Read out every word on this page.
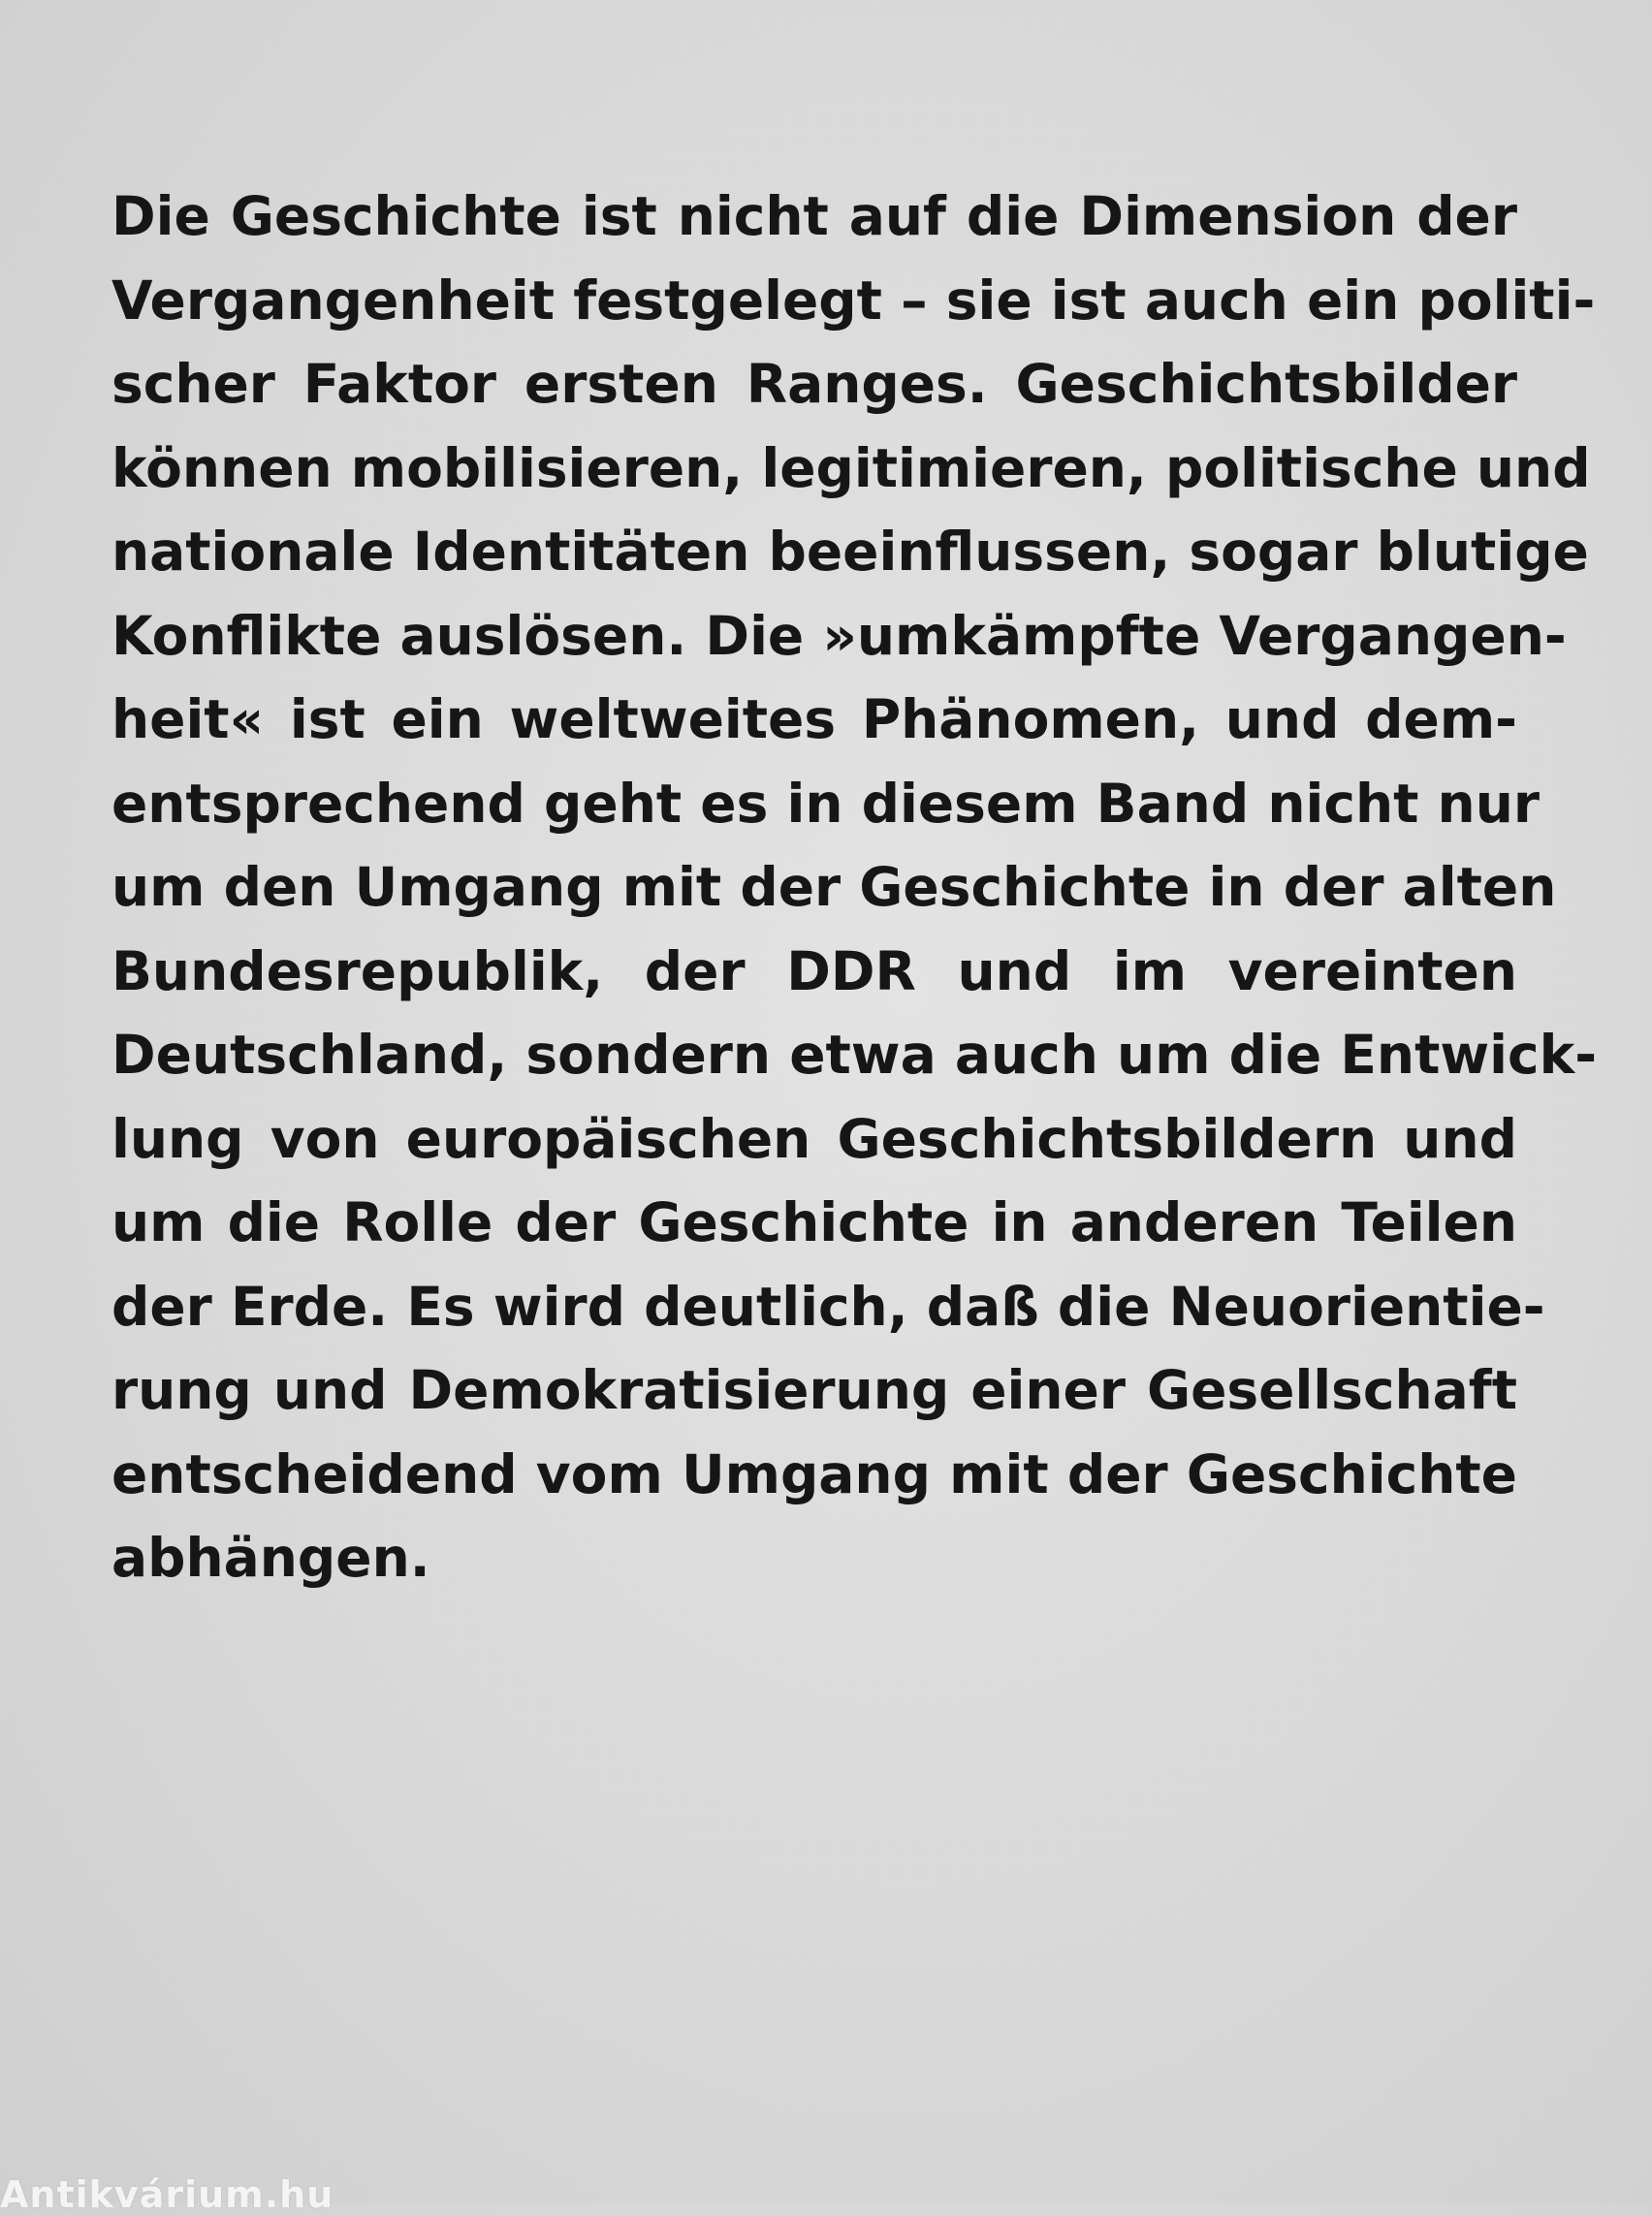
Die Geschichte ist nicht auf die Dimension der
Vergangenheit festgelegt – sie ist auch ein politi-
scher Faktor ersten Ranges. Geschichtsbilder
können mobilisieren, legitimieren, politische und
nationale Identitäten beeinflussen, sogar blutige
Konflikte auslösen. Die »umkämpfte Vergangen-
heit« ist ein weltweites Phänomen, und dem-
entsprechend geht es in diesem Band nicht nur
um den Umgang mit der Geschichte in der alten
Bundesrepublik, der DDR und im vereinten
Deutschland, sondern etwa auch um die Entwick-
lung von europäischen Geschichtsbildern und
um die Rolle der Geschichte in anderen Teilen
der Erde. Es wird deutlich, daß die Neuorientie-
rung und Demokratisierung einer Gesellschaft
entscheidend vom Umgang mit der Geschichte
abhängen.
Antikvárium.hu
